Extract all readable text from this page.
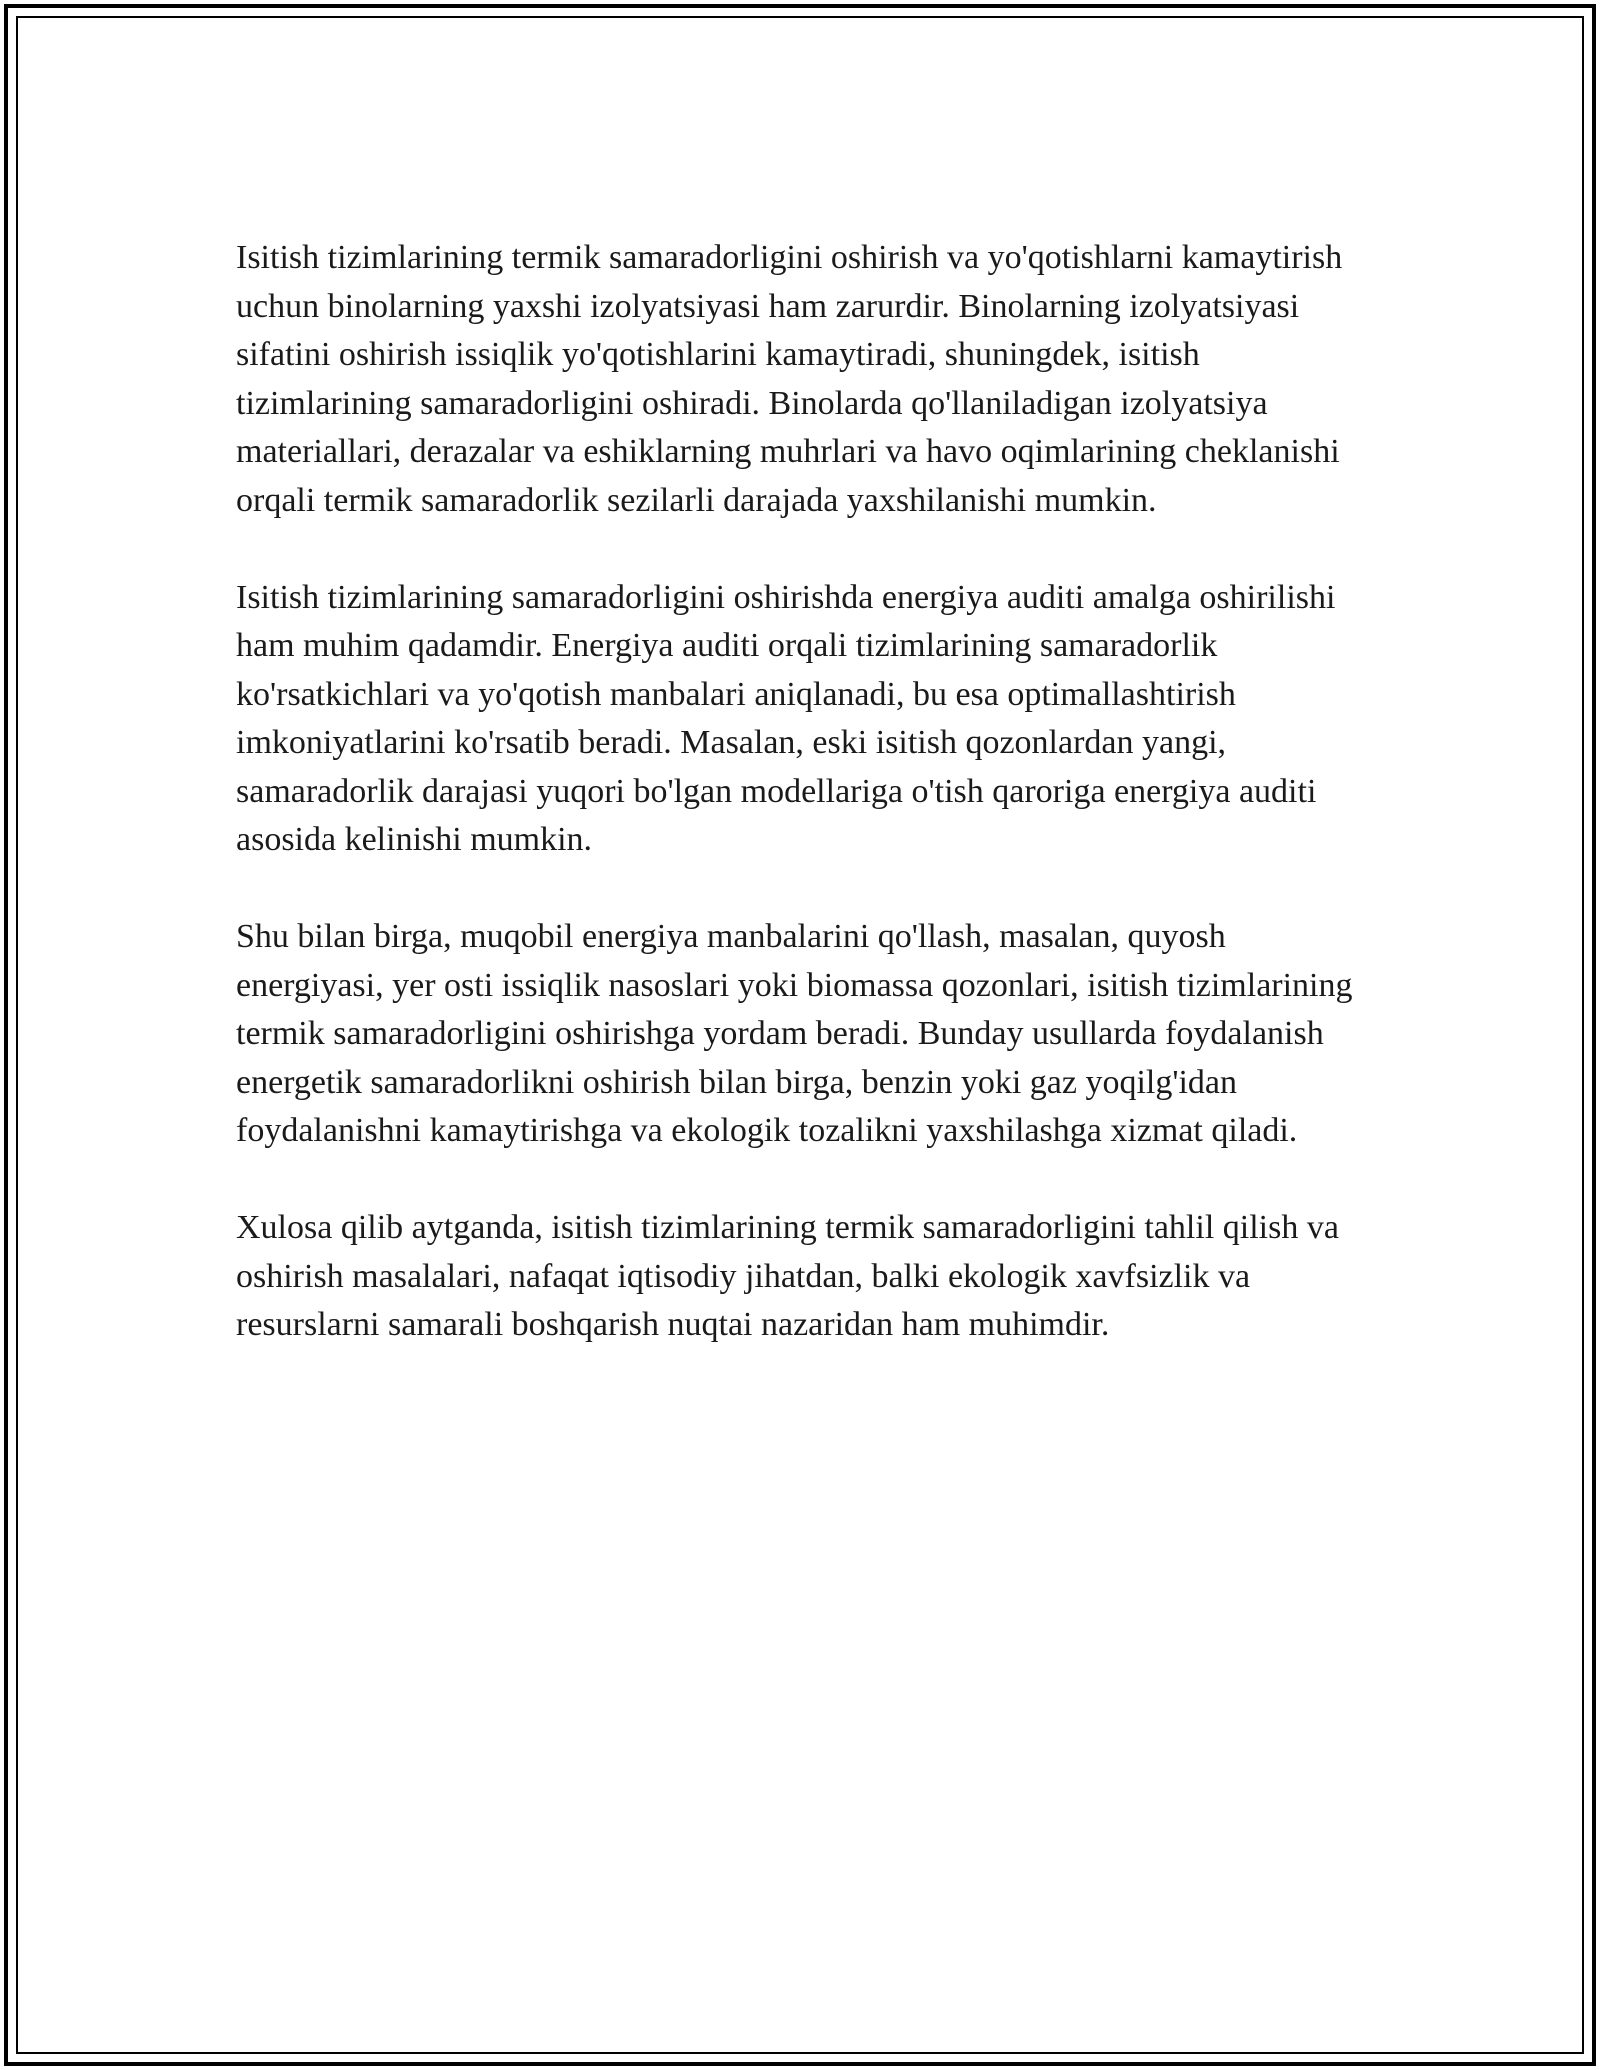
Isitish tizimlarining termik samaradorligini oshirish va yo'qotishlarni kamaytirish uchun binolarning yaxshi izolyatsiyasi ham zarurdir. Binolarning izolyatsiyasi sifatini oshirish issiqlik yo'qotishlarini kamaytiradi, shuningdek, isitish tizimlarining samaradorligini oshiradi. Binolarda qo'llaniladigan izolyatsiya materiallari, derazalar va eshiklarning muhrlari va havo oqimlarining cheklanishi orqali termik samaradorlik sezilarli darajada yaxshilanishi mumkin.

Isitish tizimlarining samaradorligini oshirishda energiya auditi amalga oshirilishi ham muhim qadamdir. Energiya auditi orqali tizimlarining samaradorlik ko'rsatkichlari va yo'qotish manbalari aniqlanadi, bu esa optimallashtirish imkoniyatlarini ko'rsatib beradi. Masalan, eski isitish qozonlardan yangi, samaradorlik darajasi yuqori bo'lgan modellariga o'tish qaroriga energiya auditi asosida kelinishi mumkin.

Shu bilan birga, muqobil energiya manbalarini qo'llash, masalan, quyosh energiyasi, yer osti issiqlik nasoslari yoki biomassa qozonlari, isitish tizimlarining termik samaradorligini oshirishga yordam beradi. Bunday usullarda foydalanish energetik samaradorlikni oshirish bilan birga, benzin yoki gaz yoqilg'idan foydalanishni kamaytirishga va ekologik tozalikni yaxshilashga xizmat qiladi.

Xulosa qilib aytganda, isitish tizimlarining termik samaradorligini tahlil qilish va oshirish masalalari, nafaqat iqtisodiy jihatdan, balki ekologik xavfsizlik va resurslarni samarali boshqarish nuqtai nazaridan ham muhimdir.
